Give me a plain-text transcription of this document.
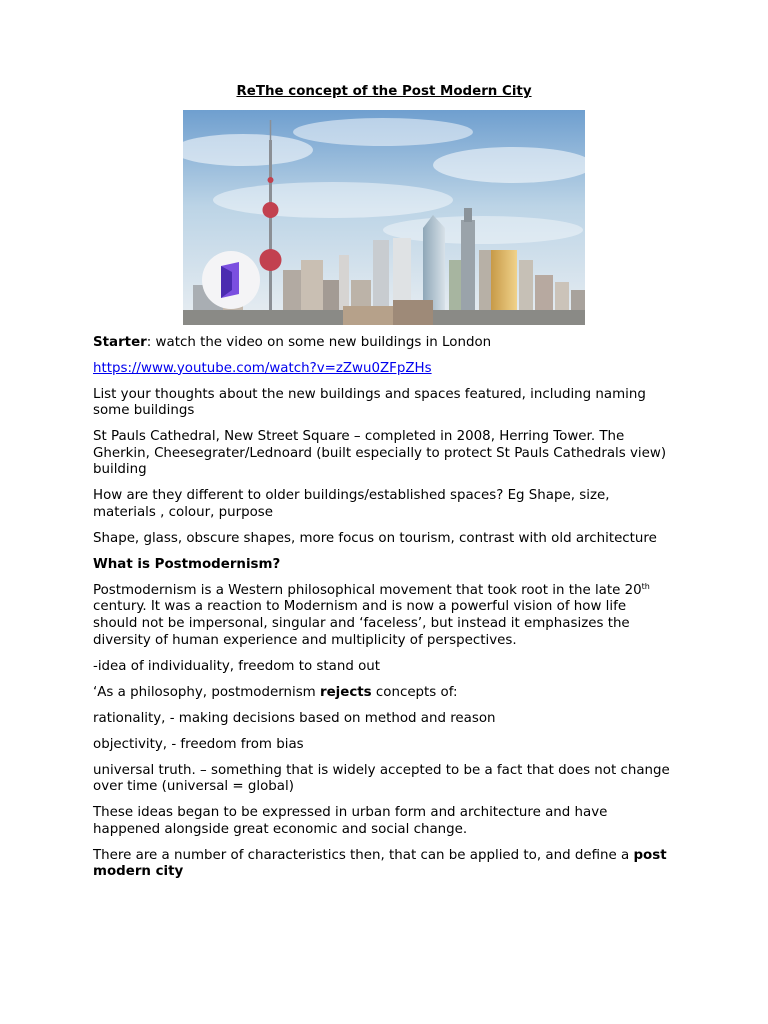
ReThe concept of the Post Modern City

Starter: watch the video on some new buildings in London

https://www.youtube.com/watch?v=zZwu0ZFpZHs

List your thoughts about the new buildings and spaces featured, including naming some buildings

St Pauls Cathedral, New Street Square – completed in 2008, Herring Tower. The Gherkin, Cheesegrater/Lednoard (built especially to protect St Pauls Cathedrals view) building

How are they different to older buildings/established spaces? Eg Shape, size, materials , colour, purpose

Shape, glass, obscure shapes, more focus on tourism, contrast with old architecture

What is Postmodernism?

Postmodernism is a Western philosophical movement that took root in the late 20th century. It was a reaction to Modernism and is now a powerful vision of how life should not be impersonal, singular and ‘faceless’, but instead it emphasizes the diversity of human experience and multiplicity of perspectives.

-idea of individuality, freedom to stand out

‘As a philosophy, postmodernism rejects concepts of:

rationality, - making decisions based on method and reason

objectivity, - freedom from bias

universal truth. – something that is widely accepted to be a fact that does not change over time (universal = global)

These ideas began to be expressed in urban form and architecture and have happened alongside great economic and social change.

There are a number of characteristics then, that can be applied to, and define a post modern city
